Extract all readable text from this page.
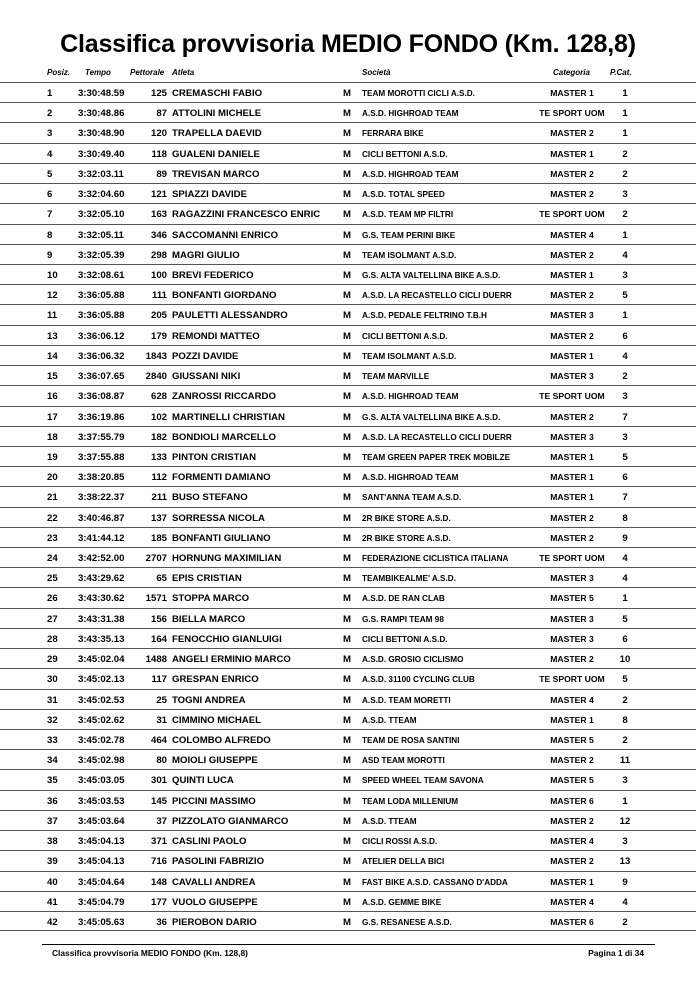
Classifica provvisoria MEDIO FONDO (Km. 128,8)
Posiz. Tempo Pettorale Atleta	Società	Categoria	P.Cat.
1	3:30:48.59	125 CREMASCHI FABIO	M	TEAM MOROTTI CICLI A.S.D.	MASTER 1	1
2	3:30:48.86	87 ATTOLINI MICHELE	M	A.S.D. HIGHROAD TEAM	TE SPORT UOM	1
3	3:30:48.90	120 TRAPELLA DAEVID	M	FERRARA BIKE	MASTER 2	1
4	3:30:49.40	118 GUALENI DANIELE	M	CICLI BETTONI A.S.D.	MASTER 1	2
5	3:32:03.11	89 TREVISAN MARCO	M	A.S.D. HIGHROAD TEAM	MASTER 2	2
6	3:32:04.60	121 SPIAZZI DAVIDE	M	A.S.D. TOTAL SPEED	MASTER 2	3
7	3:32:05.10	163 RAGAZZINI FRANCESCO ENRIC	M	A.S.D. TEAM MP FILTRI	TE SPORT UOM	2
8	3:32:05.11	346 SACCOMANNI ENRICO	M	G.S. TEAM PERINI BIKE	MASTER 4	1
9	3:32:05.39	298 MAGRI GIULIO	M	TEAM ISOLMANT A.S.D.	MASTER 2	4
10	3:32:08.61	100 BREVI FEDERICO	M	G.S. ALTA VALTELLINA BIKE A.S.D.	MASTER 1	3
12	3:36:05.88	111 BONFANTI GIORDANO	M	A.S.D. LA RECASTELLO CICLI DUERR	MASTER 2	5
11	3:36:05.88	205 PAULETTI ALESSANDRO	M	A.S.D. PEDALE FELTRINO T.B.H	MASTER 3	1
13	3:36:06.12	179 REMONDI MATTEO	M	CICLI BETTONI A.S.D.	MASTER 2	6
14	3:36:06.32	1843 POZZI DAVIDE	M	TEAM ISOLMANT A.S.D.	MASTER 1	4
15	3:36:07.65	2840 GIUSSANI NIKI	M	TEAM MARVILLE	MASTER 3	2
16	3:36:08.87	628 ZANROSSI RICCARDO	M	A.S.D. HIGHROAD TEAM	TE SPORT UOM	3
17	3:36:19.86	102 MARTINELLI CHRISTIAN	M	G.S. ALTA VALTELLINA BIKE A.S.D.	MASTER 2	7
18	3:37:55.79	182 BONDIOLI MARCELLO	M	A.S.D. LA RECASTELLO CICLI DUERR	MASTER 3	3
19	3:37:55.88	133 PINTON CRISTIAN	M	TEAM GREEN PAPER TREK MOBILZE	MASTER 1	5
20	3:38:20.85	112 FORMENTI DAMIANO	M	A.S.D. HIGHROAD TEAM	MASTER 1	6
21	3:38:22.37	211 BUSO STEFANO	M	SANT'ANNA TEAM A.S.D.	MASTER 1	7
22	3:40:46.87	137 SORRESSA NICOLA	M	2R BIKE STORE A.S.D.	MASTER 2	8
23	3:41:44.12	185 BONFANTI GIULIANO	M	2R BIKE STORE A.S.D.	MASTER 2	9
24	3:42:52.00	2707 HORNUNG MAXIMILIAN	M	FEDERAZIONE CICLISTICA ITALIANA	TE SPORT UOM	4
25	3:43:29.62	65 EPIS CRISTIAN	M	TEAMBIKEALME' A.S.D.	MASTER 3	4
26	3:43:30.62	1571 STOPPA MARCO	M	A.S.D. DE RAN CLAB	MASTER 5	1
27	3:43:31.38	156 BIELLA MARCO	M	G.S. RAMPI TEAM 98	MASTER 3	5
28	3:43:35.13	164 FENOCCHIO GIANLUIGI	M	CICLI BETTONI A.S.D.	MASTER 3	6
29	3:45:02.04	1488 ANGELI ERMINIO MARCO	M	A.S.D. GROSIO CICLISMO	MASTER 2	10
30	3:45:02.13	117 GRESPAN ENRICO	M	A.S.D. 31100 CYCLING CLUB	TE SPORT UOM	5
31	3:45:02.53	25 TOGNI ANDREA	M	A.S.D. TEAM MORETTI	MASTER 4	2
32	3:45:02.62	31 CIMMINO MICHAEL	M	A.S.D. TTEAM	MASTER 1	8
33	3:45:02.78	464 COLOMBO ALFREDO	M	TEAM DE ROSA SANTINI	MASTER 5	2
34	3:45:02.98	80 MOIOLI GIUSEPPE	M	ASD TEAM MOROTTI	MASTER 2	11
35	3:45:03.05	301 QUINTI LUCA	M	SPEED WHEEL TEAM SAVONA	MASTER 5	3
36	3:45:03.53	145 PICCINI MASSIMO	M	TEAM LODA MILLENIUM	MASTER 6	1
37	3:45:03.64	37 PIZZOLATO GIANMARCO	M	A.S.D. TTEAM	MASTER 2	12
38	3:45:04.13	371 CASLINI PAOLO	M	CICLI ROSSI A.S.D.	MASTER 4	3
39	3:45:04.13	716 PASOLINI FABRIZIO	M	ATELIER DELLA BICI	MASTER 2	13
40	3:45:04.64	148 CAVALLI ANDREA	M	FAST BIKE A.S.D. CASSANO D'ADDA	MASTER 1	9
41	3:45:04.79	177 VUOLO GIUSEPPE	M	A.S.D. GEMME BIKE	MASTER 4	4
42	3:45:05.63	36 PIEROBON DARIO	M	G.S. RESANESE A.S.D.	MASTER 6	2
Classifica provvisoria MEDIO FONDO (Km. 128,8)	Pagina 1 di 34
